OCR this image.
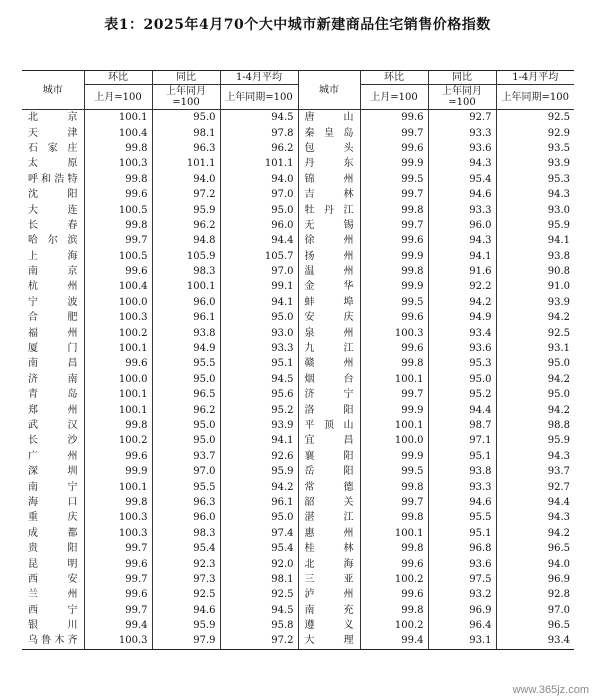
表1：2025年4月70个大中城市新建商品住宅销售价格指数
城市	环比	同比	1-4月平均	城市	环比	同比	1-4月平均
	上月=100	上年同月=100	上年同期=100		上月=100	上年同月=100	上年同期=100
北京	100.1	95.0	94.5	唐山	99.6	92.7	92.5
天津	100.4	98.1	97.8	秦皇岛	99.7	93.3	92.9
石家庄	99.8	96.3	96.2	包头	99.6	93.6	93.5
太原	100.3	101.1	101.1	丹东	99.9	94.3	93.9
呼和浩特	99.8	94.0	94.0	锦州	99.5	95.4	95.3
沈阳	99.6	97.2	97.0	吉林	99.7	94.6	94.3
大连	100.5	95.9	95.0	牡丹江	99.8	93.3	93.0
长春	99.8	96.2	96.0	无锡	99.7	96.0	95.9
哈尔滨	99.7	94.8	94.4	徐州	99.6	94.3	94.1
上海	100.5	105.9	105.7	扬州	99.9	94.1	93.8
南京	99.6	98.3	97.0	温州	99.8	91.6	90.8
杭州	100.4	100.1	99.1	金华	99.9	92.2	91.0
宁波	100.0	96.0	94.1	蚌埠	99.5	94.2	93.9
合肥	100.3	96.1	95.0	安庆	99.6	94.9	94.2
福州	100.2	93.8	93.0	泉州	100.3	93.4	92.5
厦门	100.1	94.9	93.3	九江	99.6	93.6	93.1
南昌	99.6	95.5	95.1	赣州	99.8	95.3	95.0
济南	100.0	95.0	94.5	烟台	100.1	95.0	94.2
青岛	100.1	96.5	95.6	济宁	99.7	95.2	95.0
郑州	100.1	96.2	95.2	洛阳	99.9	94.4	94.2
武汉	99.8	95.0	93.9	平顶山	100.1	98.7	98.8
长沙	100.2	95.0	94.1	宜昌	100.0	97.1	95.9
广州	99.6	93.7	92.6	襄阳	99.9	95.1	94.3
深圳	99.9	97.0	95.9	岳阳	99.5	93.8	93.7
南宁	100.1	95.5	94.2	常德	99.8	93.3	92.7
海口	99.8	96.3	96.1	韶关	99.7	94.6	94.4
重庆	100.3	96.0	95.0	湛江	99.8	95.5	94.3
成都	100.3	98.3	97.4	惠州	100.1	95.1	94.2
贵阳	99.7	95.4	95.4	桂林	99.8	96.8	96.5
昆明	99.6	92.3	92.0	北海	99.6	93.6	94.0
西安	99.7	97.3	98.1	三亚	100.2	97.5	96.9
兰州	99.6	92.5	92.5	泸州	99.6	93.2	92.8
西宁	99.7	94.6	94.5	南充	99.8	96.9	97.0
银川	99.4	95.9	95.8	遵义	100.2	96.4	96.5
乌鲁木齐	100.3	97.9	97.2	大理	99.4	93.1	93.4
www.365jz.com
